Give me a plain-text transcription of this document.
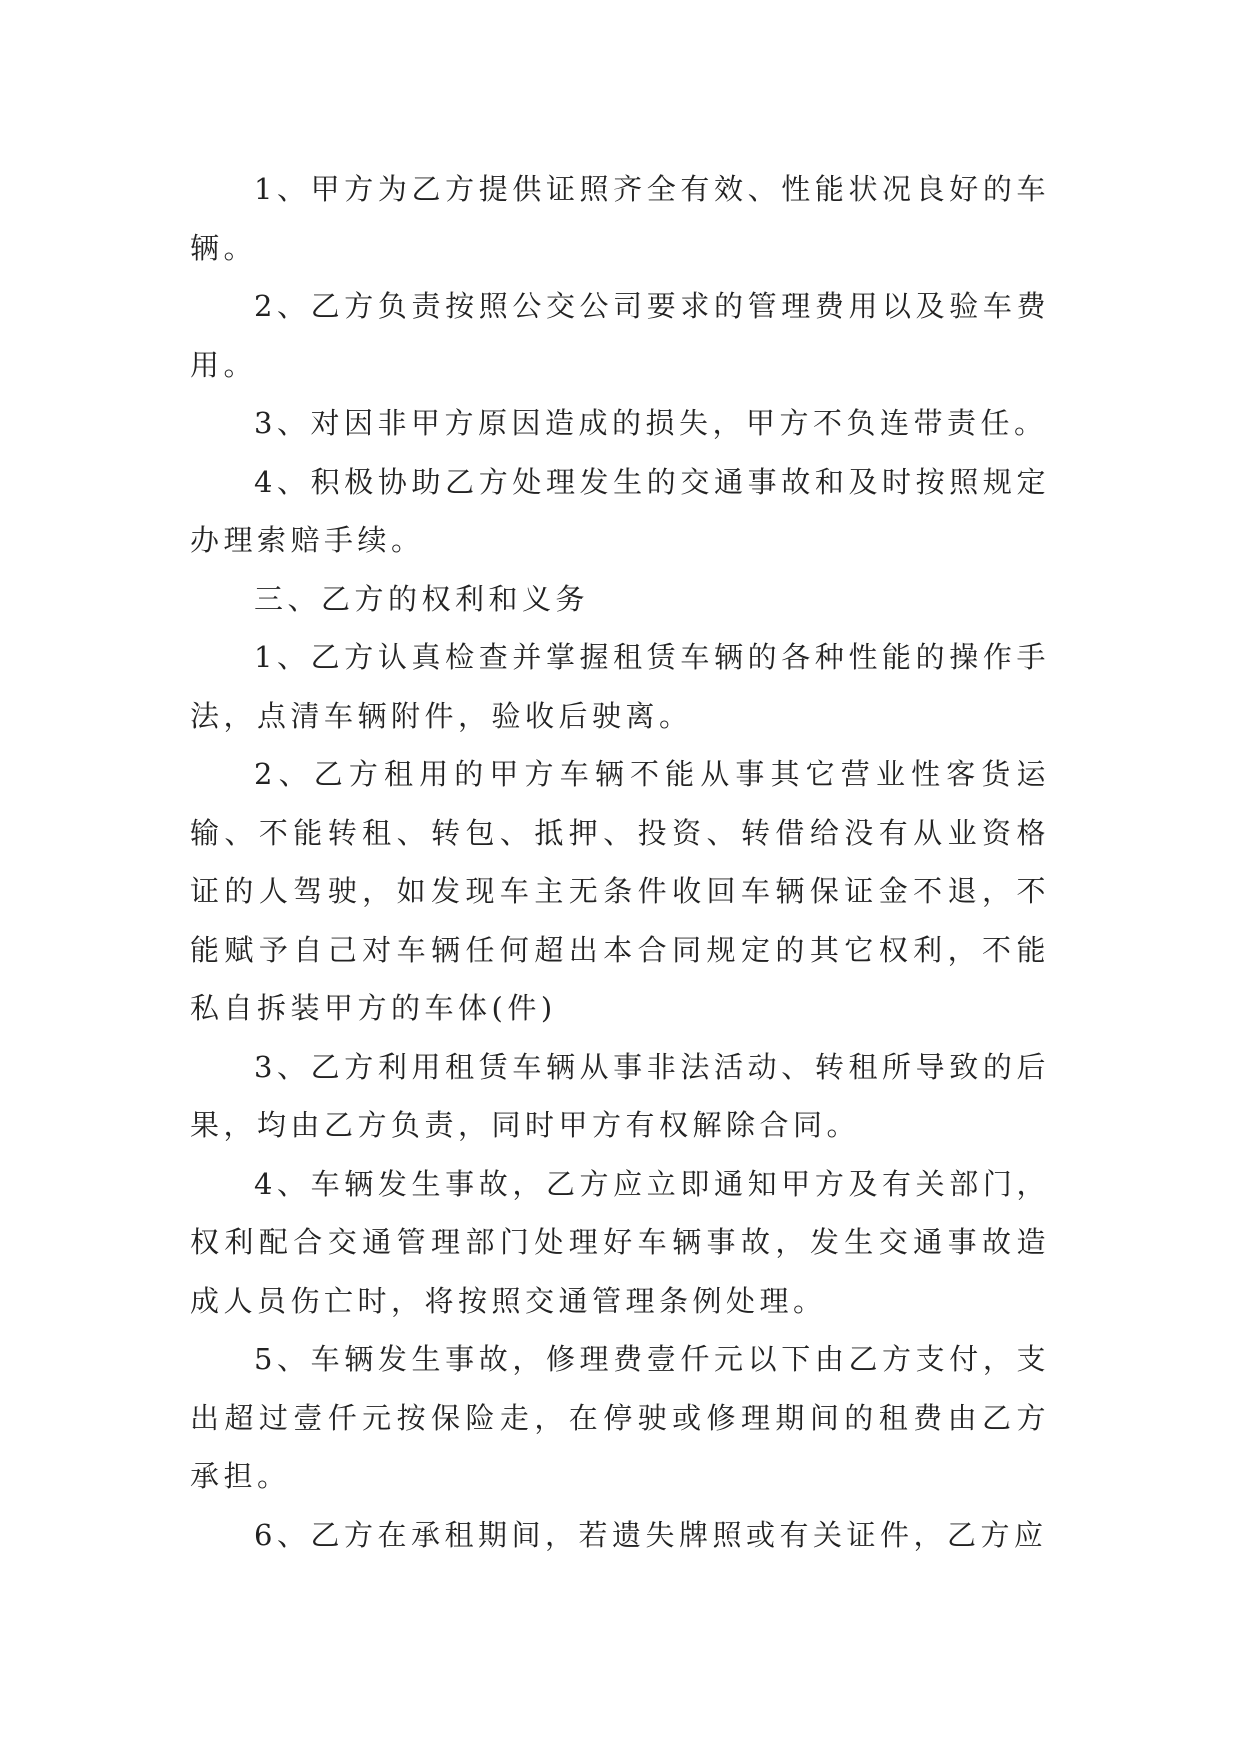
1、甲方为乙方提供证照齐全有效、性能状况良好的车辆。

2、乙方负责按照公交公司要求的管理费用以及验车费用。

3、对因非甲方原因造成的损失，甲方不负连带责任。

4、积极协助乙方处理发生的交通事故和及时按照规定办理索赔手续。

三、乙方的权利和义务

1、乙方认真检查并掌握租赁车辆的各种性能的操作手法，点清车辆附件，验收后驶离。

2、乙方租用的甲方车辆不能从事其它营业性客货运输、不能转租、转包、抵押、投资、转借给没有从业资格证的人驾驶，如发现车主无条件收回车辆保证金不退，不能赋予自己对车辆任何超出本合同规定的其它权利，不能私自拆装甲方的车体(件)

3、乙方利用租赁车辆从事非法活动、转租所导致的后果，均由乙方负责，同时甲方有权解除合同。

4、车辆发生事故，乙方应立即通知甲方及有关部门，权利配合交通管理部门处理好车辆事故，发生交通事故造成人员伤亡时，将按照交通管理条例处理。

5、车辆发生事故，修理费壹仟元以下由乙方支付，支出超过壹仟元按保险走，在停驶或修理期间的租费由乙方承担。

6、乙方在承租期间，若遗失牌照或有关证件，乙方应
